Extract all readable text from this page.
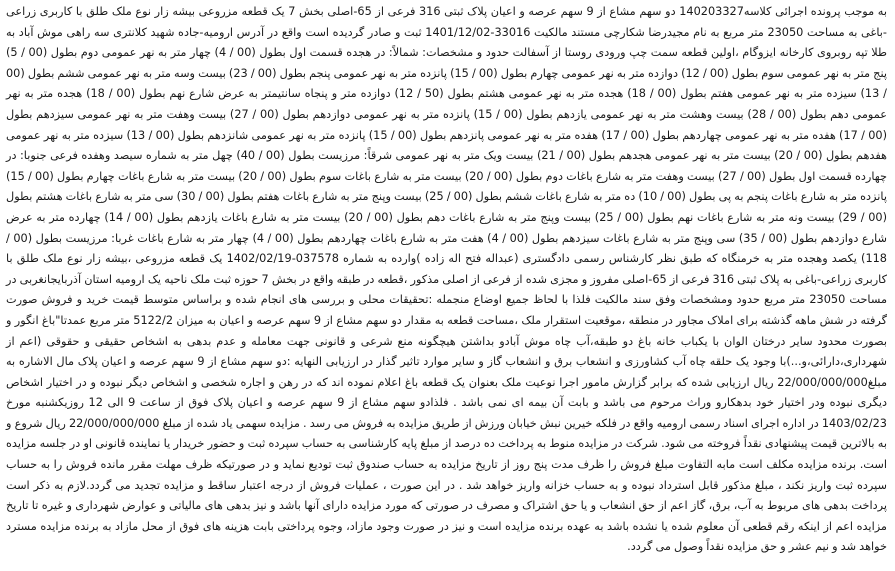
به موجب پرونده اجرائی کلاسه140203327 دو سهم مشاع از 9 سهم عرصه و اعیان پلاک ثبتی 316 فرعی از 65-اصلی بخش 7 یک قطعه مزروعی بیشه زار نوع ملک طلق با کاربری زراعی -باغی به مساحت 23050 متر مربع به نام مجیدرضا شکارچی مستند مالکیت 33016-1401/12/02 ثبت و صادر گردیده است واقع در آدرس ارومیه-جاده شهید کلانتری سه راهی موش آباد به طلا تپه روبروی کارخانه ایزوگام ،اولین قطعه سمت چپ ورودی روستا از آسفالت حدود و مشخصات: شمالاً: در هجده قسمت اول بطول (00 / 4) چهار متر به نهر عمومی دوم بطول (00 / 5) پنج متر به نهر عمومی سوم بطول (00 / 12) دوازده متر به نهر عمومی چهارم بطول (00 / 15) پانزده متر به نهر عمومی پنجم بطول (00 / 23) بیست وسه متر به نهر عمومی ششم بطول (00 / 13) سیزده متر به نهر عمومی هفتم بطول (00 / 18) هجده متر به نهر عمومی هشتم بطول (50 / 12) دوازده متر و پنجاه سانتیمتر به عرض شارع نهم بطول (00 / 18) هجده متر به نهر عمومی دهم بطول (00 / 28) بیست وهشت متر به نهر عمومی یازدهم بطول (00 / 15) پانزده متر به نهر عمومی دوازدهم بطول (00 / 27) بیست وهفت متر به نهر عمومی سیزدهم بطول (00 / 17) هفده متر به نهر عمومی چهاردهم بطول (00 / 17) هفده متر به نهر عمومی پانزدهم بطول (00 / 15) پانزده متر به نهر عمومی شانزدهم بطول (00 / 13) سیزده متر به نهر عمومی هفدهم بطول (00 / 20) بیست متر به نهر عمومی هجدهم بطول (00 / 21) بیست ویک متر به نهر عمومی شرقاً: مرزیست بطول (00 / 40) چهل متر به شماره سیصد وهفده فرعی جنوبا: در چهارده قسمت اول بطول (00 / 27) بیست وهفت متر به شارع باغات دوم بطول (00 / 20) بیست متر به شارع باغات سوم بطول (00 / 20) بیست متر به شارع باغات چهارم بطول (00 / 15) پانزده متر به شارع باغات پنجم به پی بطول (00 / 10) ده متر به شارع باغات ششم بطول (00 / 25) بیست وپنج متر به شارع باغات هفتم بطول (00 / 30) سی متر به شارع باغات هشتم بطول (00 / 29) بیست ونه متر به شارع باغات نهم بطول (00 / 25) بیست وپنج متر به شارع باغات دهم بطول (00 / 20) بیست متر به شارع باغات یازدهم بطول (00 / 14) چهارده متر به عرض شارع دوازدهم بطول (00 / 35) سی وپنج متر به شارع باغات سیزدهم بطول (00 / 4) هفت متر به شارع باغات چهاردهم بطول (00 / 4) چهار متر به شارع باغات غربا: مرزیست بطول (00 / 118) یکصد وهجده متر به خرمنگاه که طبق نظر کارشناس رسمی دادگستری (عبداله فتح اله زاده )وارده به شماره 037578-1402/02/19 یک قطعه مزروعی ،بیشه زار نوع ملک طلق با کاربری زراعی-باغی به پلاک ثبتی 316 فرعی از 65-اصلی مفروز و مجزی شده از فرعی از اصلی مذکور ،قطعه در طبقه واقع در بخش 7 حوزه ثبت ملک ناحیه یک ارومیه استان آذربایجانغربی در مساحت 23050 متر مربع حدود ومشخصات وفق سند مالکیت فلذا با لحاظ جمیع اوضاع منجمله :تحقیقات محلی و بررسی های انجام شده و براساس متوسط قیمت خرید و فروش صورت گرفته در شش ماهه گذشته برای املاک مجاور در منطقه ،موقعیت استقرار ملک ،مساحت قطعه به مقدار دو سهم مشاع از 9 سهم عرصه و اعیان به میزان 5122/2 متر مربع عمدتا"باغ انگور و بصورت محدود سایر درختان الوان با یکباب خانه باغ دو طبقه،آب چاه موش آبادو بداشتن هیچگونه منع شرعی و قانونی جهت معامله و عدم بدهی به اشخاص حقیقی و حقوقی (اعم از شهرداری،دارائی،و...)با وجود یک حلقه چاه آب کشاورزی و انشعاب برق و انشعاب گاز و سایر موارد تاثیر گذار در ارزیابی النهایه :دو سهم مشاع از 9 سهم عرصه و اعیان پلاک مال الاشاره به مبلغ22/000/000/000 ریال ارزیابی شده که برابر گزارش مامور اجرا نوعیت ملک بعنوان یک قطعه باغ اعلام نموده اند که در رهن و اجاره شخصی و اشخاص دیگر نبوده و در اختیار اشخاص دیگری نبوده ودر اختیار خود بدهکارو وراث مرحوم می باشد و بابت آن بیمه ای نمی باشد . فلذادو سهم مشاع از 9 سهم عرصه و اعیان پلاک فوق از ساعت 9 الی 12 روزیکشنبه مورخ 1403/02/23 در اداره اجرای اسناد رسمی ارومیه واقع در فلکه خیرین نبش خیابان ورزش از طریق مزایده به فروش می رسد . مزایده سهمی یاد شده از مبلغ 22/000/000/000 ریال شروع و به بالاترین قیمت پیشنهادی نقداً فروخته می شود. شرکت در مزایده منوط به پرداخت ده درصد از مبلغ پایه کارشناسی به حساب سپرده ثبت و حضور خریدار یا نماینده قانونی او در جلسه مزایده است. برنده مزایده مکلف است مابه التفاوت مبلغ فروش را ظرف مدت پنج روز از تاریخ مزایده به حساب صندوق ثبت تودیع نماید و در صورتیکه ظرف مهلت مقرر مانده فروش را به حساب سپرده ثبت واریز نکند ، مبلغ مذکور قابل استرداد نبوده و به حساب خزانه واریز خواهد شد . در این صورت ، عملیات فروش از درجه اعتبار ساقط و مزایده تجدید می گردد.لازم به ذکر است پرداخت بدهی های مربوط به آب، برق، گاز اعم از حق انشعاب و یا حق اشتراک و مصرف در صورتی که مورد مزایده دارای آنها باشد و نیز بدهی های مالیاتی و عوارض شهرداری و غیره تا تاریخ مزایده اعم از اینکه رقم قطعی آن معلوم شده یا نشده باشد به عهده برنده مزایده است و نیز در صورت وجود مازاد، وجوه پرداختی بابت هزینه های فوق از محل مازاد به برنده مزایده مسترد خواهد شد و نیم عشر و حق مزایده نقداً وصول می گردد.
